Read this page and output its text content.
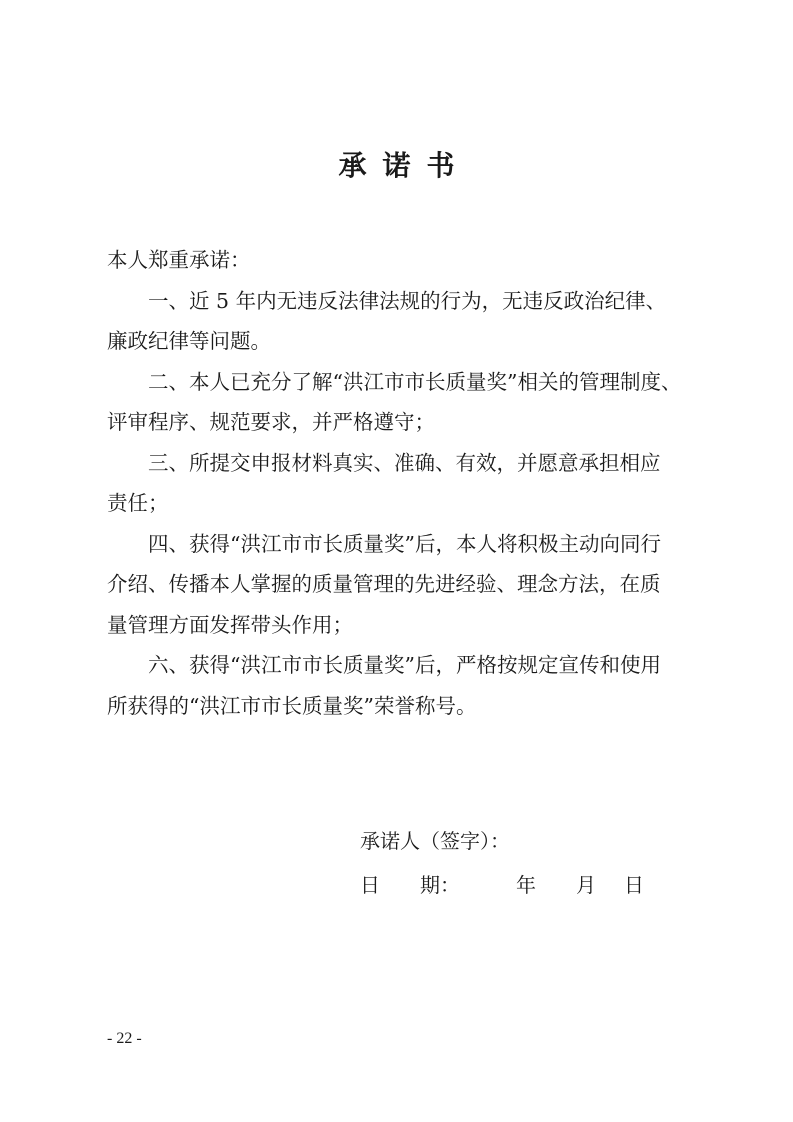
承 诺 书
本人郑重承诺：
一、近 5 年内无违反法律法规的行为，无违反政治纪律、
廉政纪律等问题。
二、本人已充分了解“洪江市市长质量奖”相关的管理制度、
评审程序、规范要求，并严格遵守；
三、所提交申报材料真实、准确、有效，并愿意承担相应
责任；
四、获得“洪江市市长质量奖”后，本人将积极主动向同行
介绍、传播本人掌握的质量管理的先进经验、理念方法，在质
量管理方面发挥带头作用；
六、获得“洪江市市长质量奖”后，严格按规定宣传和使用
所获得的“洪江市市长质量奖”荣誉称号。
承诺人（签字）：
日　　期：	年 月 日
- 22 -
